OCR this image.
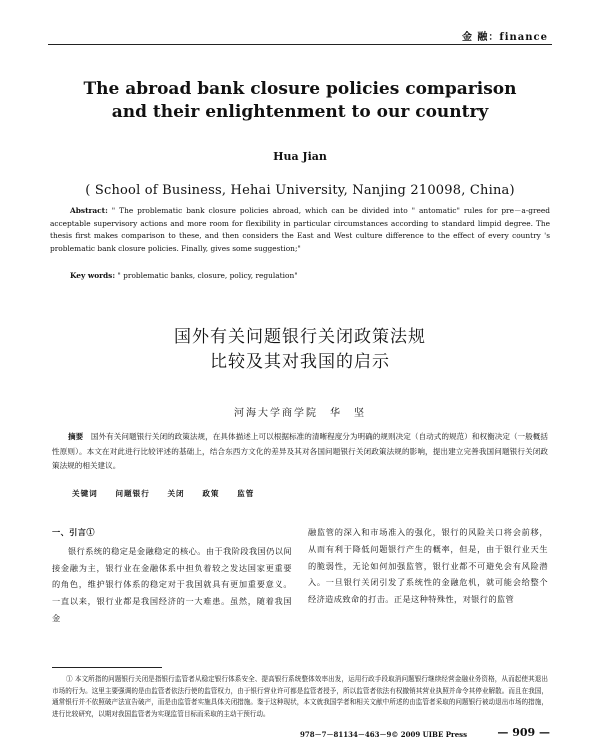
金 融：finance
The abroad bank closure policies comparison
and their enlightenment to our country
Hua Jian
( School of Business, Hehai University, Nanjing 210098, China)
Abstract: " The problematic bank closure policies abroad, which can be divided into " antomatic" rules for pre－a-greed acceptable supervisory actions and more room for flexibility in particular circumstances according to standard limpid degree. The thesis first makes comparison to these, and then considers the East and West culture difference to the effect of every country 's problematic bank closure policies. Finally, gives some suggestion;"
Key words: " problematic banks, closure, policy, regulation"
国外有关问题银行关闭政策法规
比较及其对我国的启示
河海大学商学院　华　坚
摘要　国外有关问题银行关闭的政策法规，在具体描述上可以根据标准的清晰程度分为明确的规则决定（自动式的规范）和权衡决定（一般概括性原则）。本文在对此进行比较评述的基础上，结合东西方文化的差异及其对各国问题银行关闭政策法规的影响，提出建立完善我国问题银行关闭政策法规的相关建议。
关键词 问题银行 关闭 政策 监管
一、引言①
银行系统的稳定是金融稳定的核心。由于我阶段我国仍以间接金融为主，银行业在金融体系中担负着较之发达国家更重要的角色，维护银行体系的稳定对于我国就具有更加重要意义。一直以来，银行业都是我国经济的一大难患。虽然，随着我国金
融监管的深入和市场准入的强化，银行的风险关口将会前移，从而有利于降低问题银行产生的概率，但是，由于银行业天生的脆弱性，无论如何加强监管，银行业都不可避免会有风险潜入。一旦银行关闭引发了系统性的金融危机，就可能会给整个经济造成致命的打击。正是这种特殊性，对银行的监管
① 本文所指的问题银行关闭是指银行监管者从稳定银行体系安全、提高银行系统整体效率出发，运用行政手段取消问题银行继续经营金融业务资格，从而起使其退出市场的行为。这里主要强调的是由监管者依法行使的监管权力，由于银行营业许可都是监管者授予，所以监管者依法有权撤销其营业执照并命令其停业解散。而且在我国，通常银行并不依照破产法宣告破产，而是由监管者实施具体关闭措施。鉴于这种现状，本文就我国学者和相关文献中所述的由监管者采取的问题银行被动退出市场的措施，进行比较研究，以期对我国监管者为实现监管目标而采取的主动干预行动。
978－7－81134－463－9© 2009 UIBE Press	— 909 —
